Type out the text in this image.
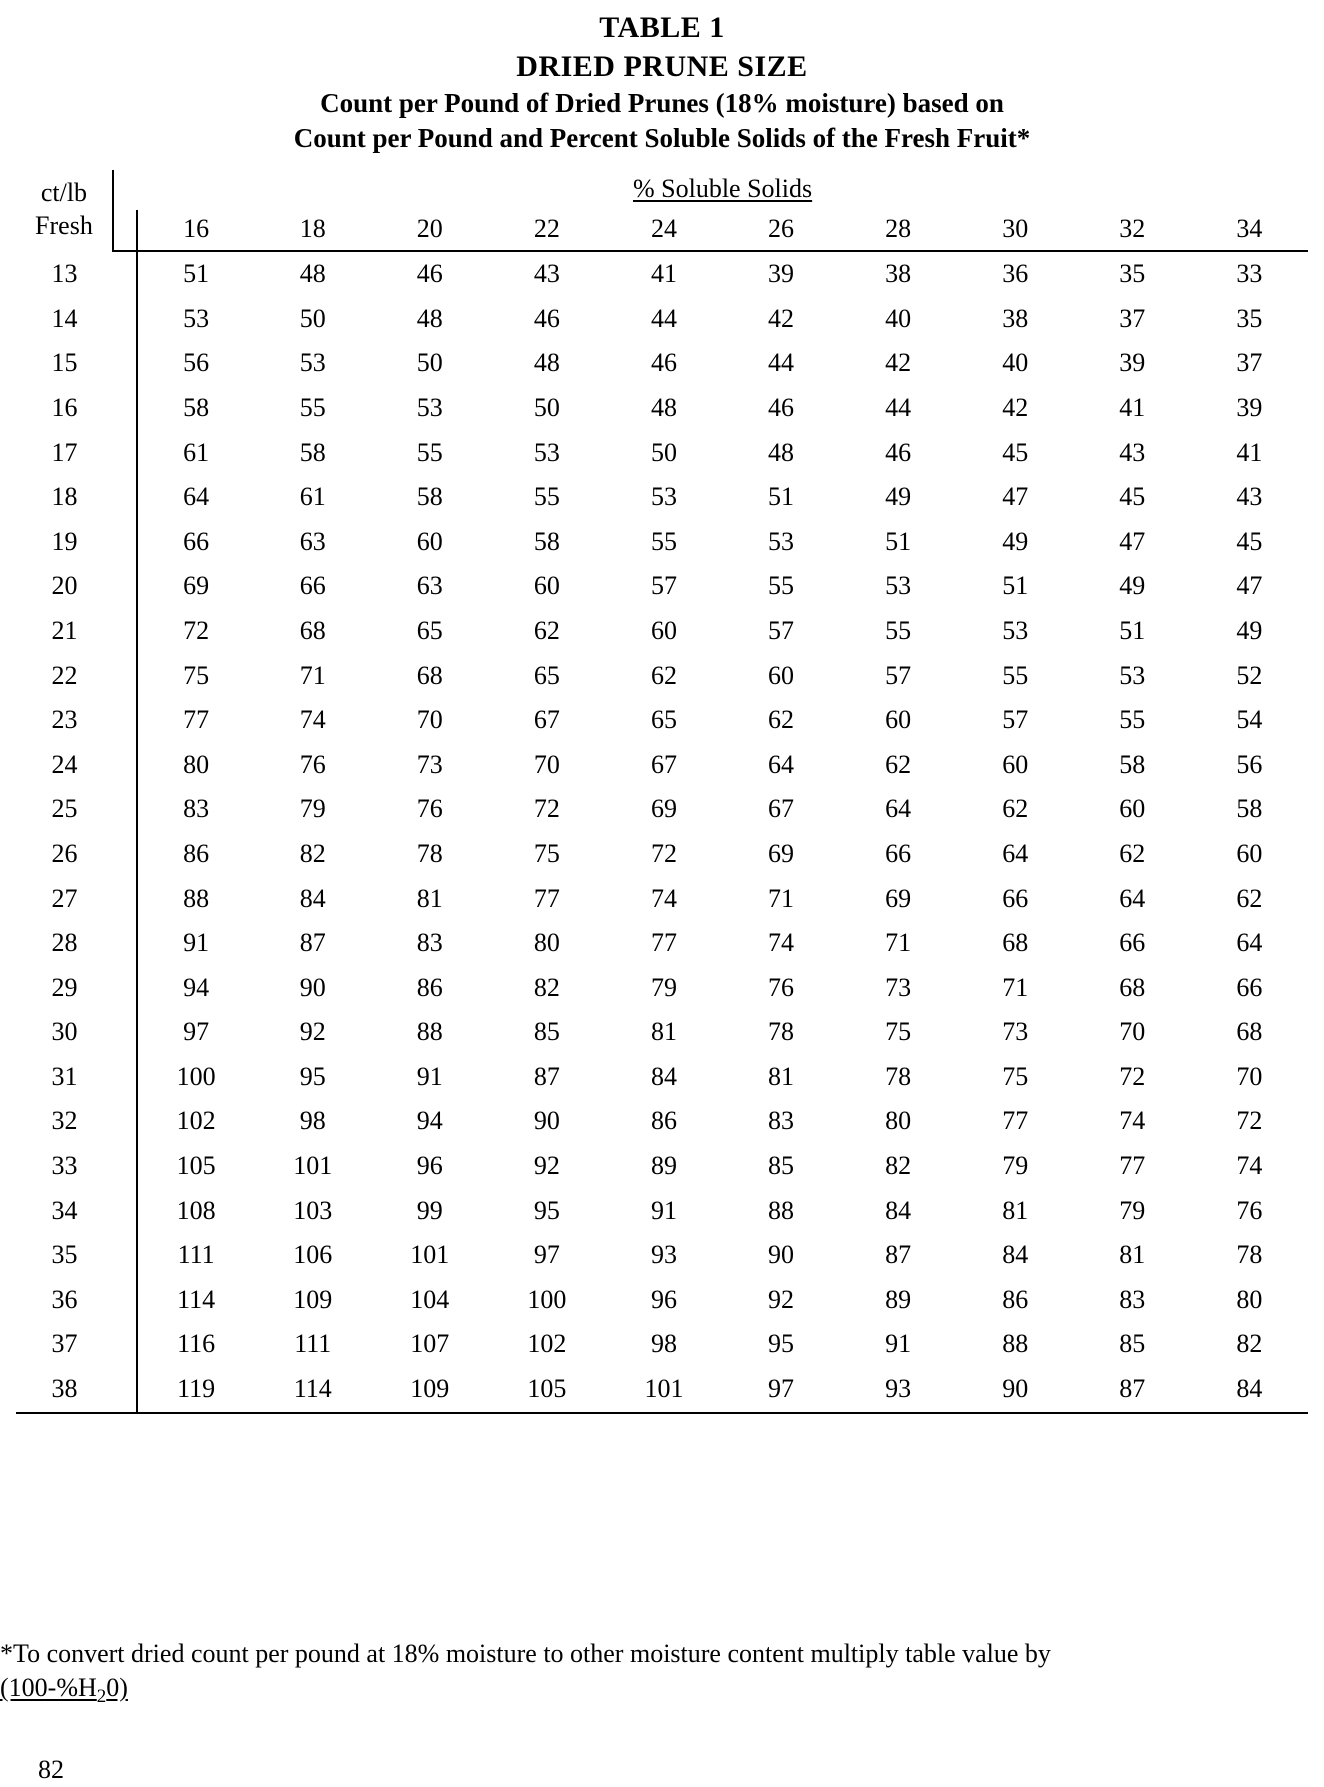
TABLE 1
DRIED PRUNE SIZE
Count per Pound of Dried Prunes (18% moisture) based on
Count per Pound and Percent Soluble Solids of the Fresh Fruit*
ct/lb
Fresh		% Soluble Solids									
		16	18	20	22	24	26	28	30	32	34
13		51	48	46	43	41	39	38	36	35	33
14		53	50	48	46	44	42	40	38	37	35
15		56	53	50	48	46	44	42	40	39	37
16		58	55	53	50	48	46	44	42	41	39
17		61	58	55	53	50	48	46	45	43	41
18		64	61	58	55	53	51	49	47	45	43
19		66	63	60	58	55	53	51	49	47	45
20		69	66	63	60	57	55	53	51	49	47
21		72	68	65	62	60	57	55	53	51	49
22		75	71	68	65	62	60	57	55	53	52
23		77	74	70	67	65	62	60	57	55	54
24		80	76	73	70	67	64	62	60	58	56
25		83	79	76	72	69	67	64	62	60	58
26		86	82	78	75	72	69	66	64	62	60
27		88	84	81	77	74	71	69	66	64	62
28		91	87	83	80	77	74	71	68	66	64
29		94	90	86	82	79	76	73	71	68	66
30		97	92	88	85	81	78	75	73	70	68
31		100	95	91	87	84	81	78	75	72	70
32		102	98	94	90	86	83	80	77	74	72
33		105	101	96	92	89	85	82	79	77	74
34		108	103	99	95	91	88	84	81	79	76
35		111	106	101	97	93	90	87	84	81	78
36		114	109	104	100	96	92	89	86	83	80
37		116	111	107	102	98	95	91	88	85	82
38		119	114	109	105	101	97	93	90	87	84
*To convert dried count per pound at 18% moisture to other moisture content multiply table value by
$(100-\%H_20)$
82
